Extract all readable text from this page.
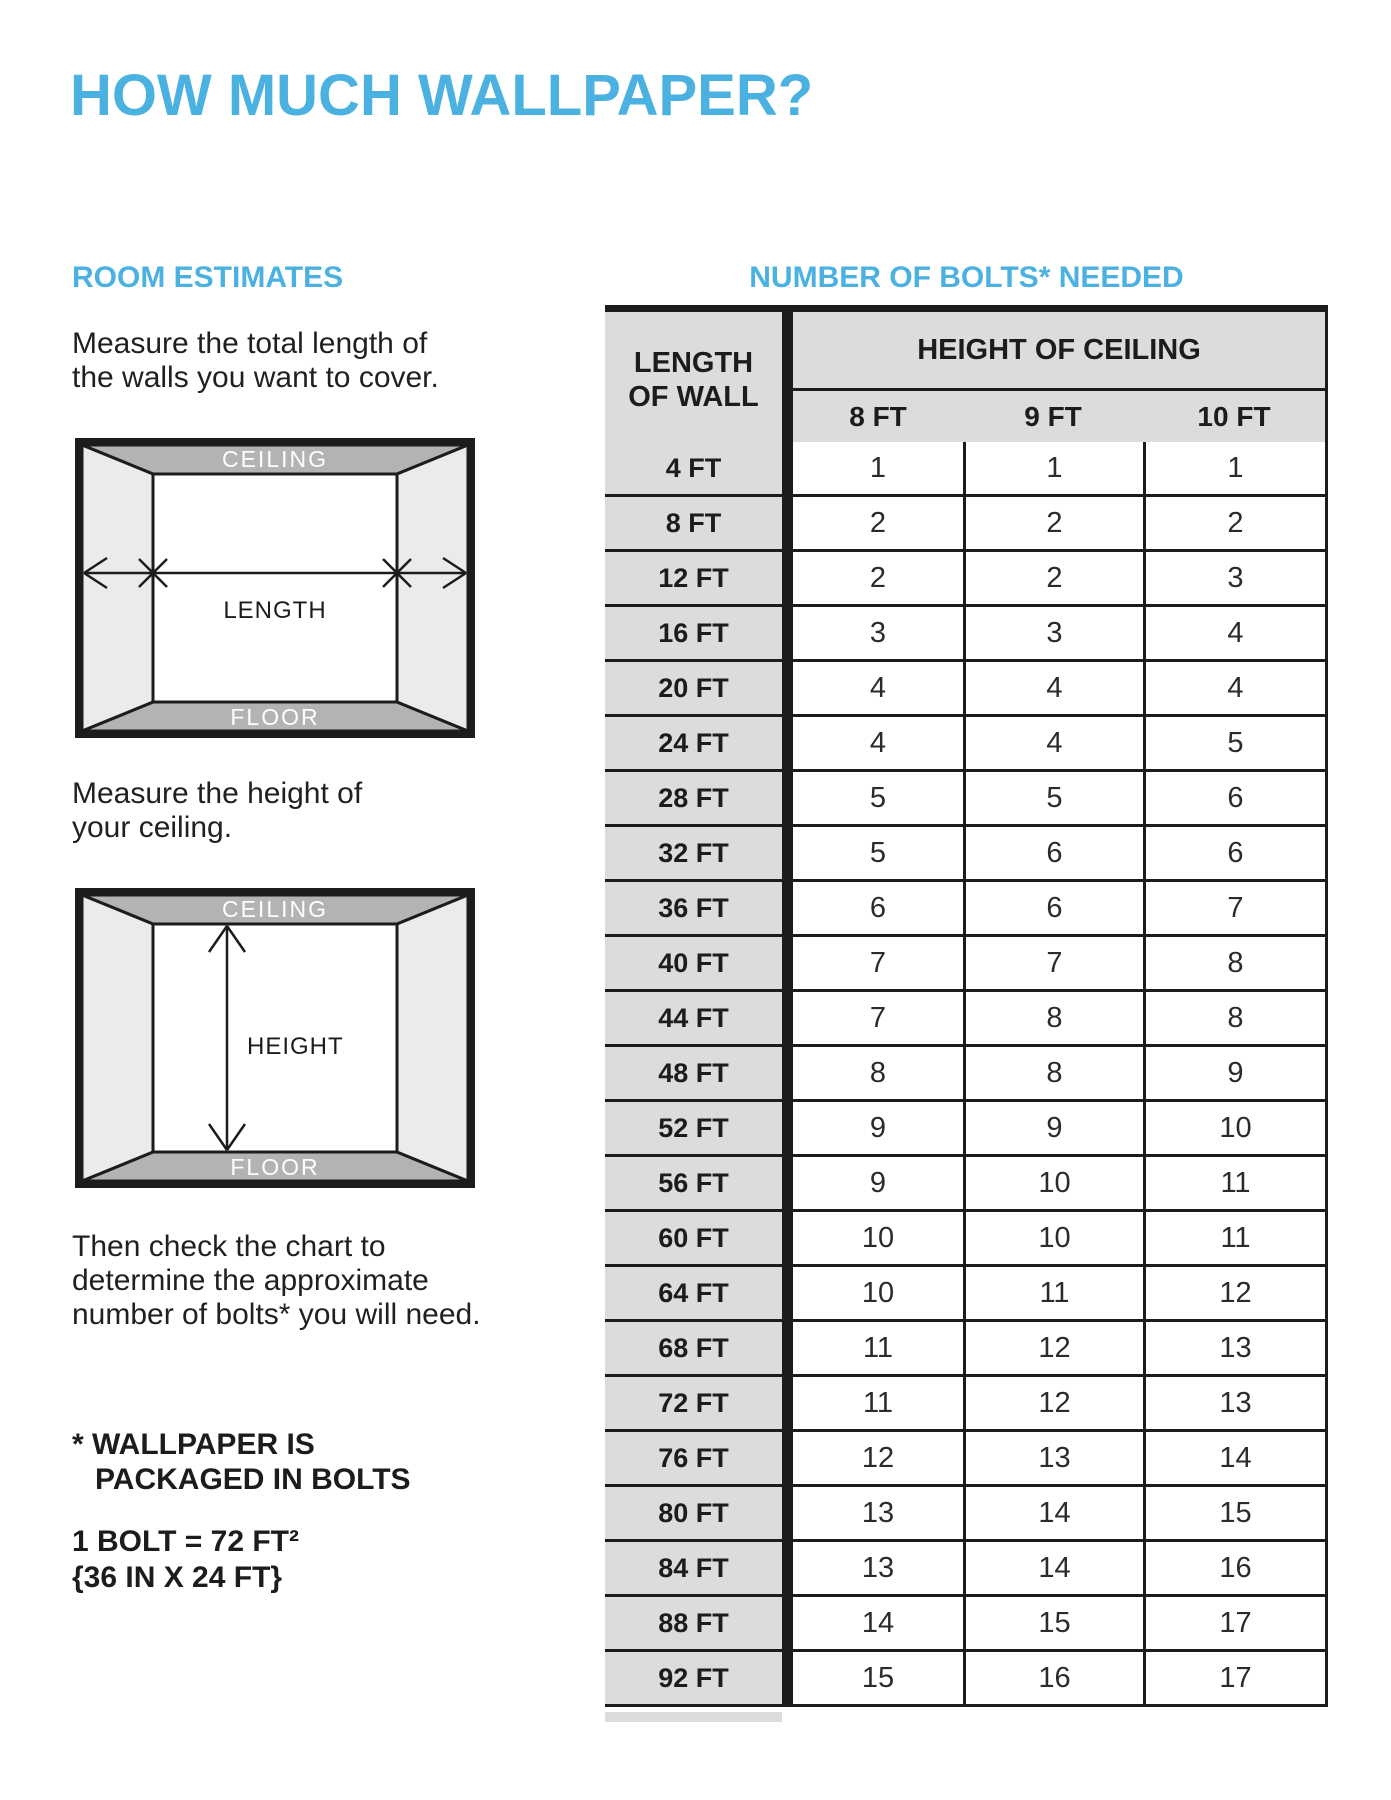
HOW MUCH WALLPAPER?
ROOM ESTIMATES
Measure the total length of
the walls you want to cover.
CEILING
FLOOR
LENGTH
Measure the height of
your ceiling.
CEILING
FLOOR
HEIGHT
Then check the chart to
determine the approximate
number of bolts* you will need.
* WALLPAPER IS
PACKAGED IN BOLTS
1 BOLT = 72 FT²
{36 IN X 24 FT}
NUMBER OF BOLTS* NEEDED
LENGTH
OF WALL
HEIGHT OF CEILING
8 FT	9 FT	10 FT
4 FT	1	1	1
8 FT	2	2	2
12 FT	2	2	3
16 FT	3	3	4
20 FT	4	4	4
24 FT	4	4	5
28 FT	5	5	6
32 FT	5	6	6
36 FT	6	6	7
40 FT	7	7	8
44 FT	7	8	8
48 FT	8	8	9
52 FT	9	9	10
56 FT	9	10	11
60 FT	10	10	11
64 FT	10	11	12
68 FT	11	12	13
72 FT	11	12	13
76 FT	12	13	14
80 FT	13	14	15
84 FT	13	14	16
88 FT	14	15	17
92 FT	15	16	17
